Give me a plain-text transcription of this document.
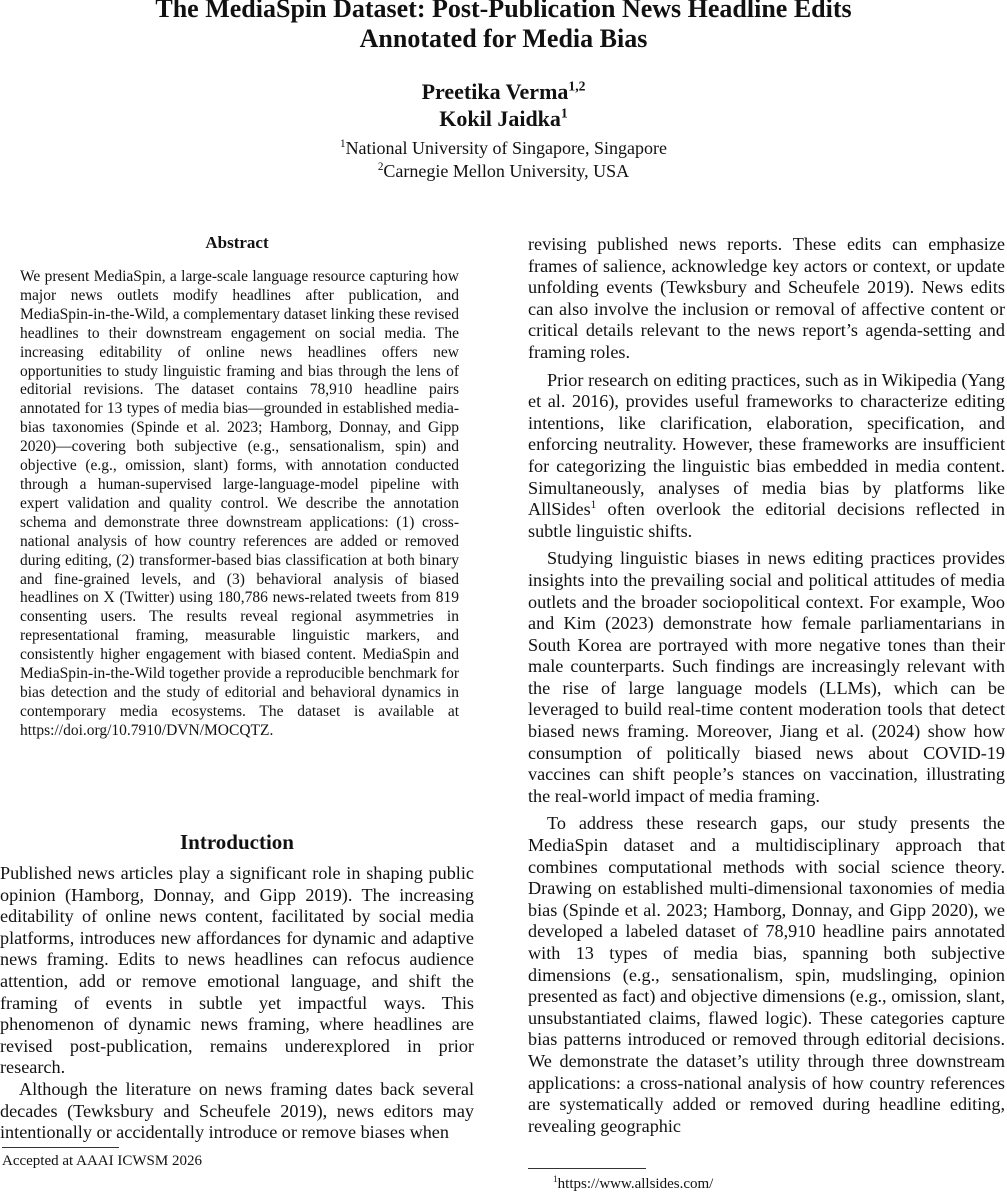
The MediaSpin Dataset: Post-Publication News Headline Edits
Annotated for Media Bias
Preetika Verma$^{1,2}$
Kokil Jaidka$^1$
$^1$National University of Singapore, Singapore
$^2$Carnegie Mellon University, USA
Abstract

We present MediaSpin, a large-scale language resource capturing how major news outlets modify headlines after publication, and MediaSpin-in-the-Wild, a complementary dataset linking these revised headlines to their downstream engagement on social media. The increasing editability of online news headlines offers new opportunities to study linguistic framing and bias through the lens of editorial revisions. The dataset contains 78,910 headline pairs annotated for 13 types of media bias—grounded in established media-bias taxonomies (Spinde et al. 2023; Hamborg, Donnay, and Gipp 2020)—covering both subjective (e.g., sensationalism, spin) and objective (e.g., omission, slant) forms, with annotation conducted through a human-supervised large-language-model pipeline with expert validation and quality control. We describe the annotation schema and demonstrate three downstream applications: (1) cross-national analysis of how country references are added or removed during editing, (2) transformer-based bias classification at both binary and fine-grained levels, and (3) behavioral analysis of biased headlines on X (Twitter) using 180,786 news-related tweets from 819 consenting users. The results reveal regional asymmetries in representational framing, measurable linguistic markers, and consistently higher engagement with biased content. MediaSpin and MediaSpin-in-the-Wild together provide a reproducible benchmark for bias detection and the study of editorial and behavioral dynamics in contemporary media ecosystems. The dataset is available at https://doi.org/10.7910/DVN/MOCQTZ.

Introduction

Published news articles play a significant role in shaping public opinion (Hamborg, Donnay, and Gipp 2019). The increasing editability of online news content, facilitated by social media platforms, introduces new affordances for dynamic and adaptive news framing. Edits to news headlines can refocus audience attention, add or remove emotional language, and shift the framing of events in subtle yet impactful ways. This phenomenon of dynamic news framing, where headlines are revised post-publication, remains underexplored in prior research.

Although the literature on news framing dates back several decades (Tewksbury and Scheufele 2019), news editors may intentionally or accidentally introduce or remove biases when

revising published news reports. These edits can emphasize frames of salience, acknowledge key actors or context, or update unfolding events (Tewksbury and Scheufele 2019). News edits can also involve the inclusion or removal of affective content or critical details relevant to the news report’s agenda-setting and framing roles.

Prior research on editing practices, such as in Wikipedia (Yang et al. 2016), provides useful frameworks to characterize editing intentions, like clarification, elaboration, specification, and enforcing neutrality. However, these frameworks are insufficient for categorizing the linguistic bias embedded in media content. Simultaneously, analyses of media bias by platforms like AllSides$^1$ often overlook the editorial decisions reflected in subtle linguistic shifts.

Studying linguistic biases in news editing practices provides insights into the prevailing social and political attitudes of media outlets and the broader sociopolitical context. For example, Woo and Kim (2023) demonstrate how female parliamentarians in South Korea are portrayed with more negative tones than their male counterparts. Such findings are increasingly relevant with the rise of large language models (LLMs), which can be leveraged to build real-time content moderation tools that detect biased news framing. Moreover, Jiang et al. (2024) show how consumption of politically biased news about COVID-19 vaccines can shift people’s stances on vaccination, illustrating the real-world impact of media framing.

To address these research gaps, our study presents the MediaSpin dataset and a multidisciplinary approach that combines computational methods with social science theory. Drawing on established multi-dimensional taxonomies of media bias (Spinde et al. 2023; Hamborg, Donnay, and Gipp 2020), we developed a labeled dataset of 78,910 headline pairs annotated with 13 types of media bias, spanning both subjective dimensions (e.g., sensationalism, spin, mudslinging, opinion presented as fact) and objective dimensions (e.g., omission, slant, unsubstantiated claims, flawed logic). These categories capture bias patterns introduced or removed through editorial decisions. We demonstrate the dataset’s utility through three downstream applications: a cross-national analysis of how country references are systematically added or removed during headline editing, revealing geographic

Accepted at AAAI ICWSM 2026
$^1$https://www.allsides.com/
